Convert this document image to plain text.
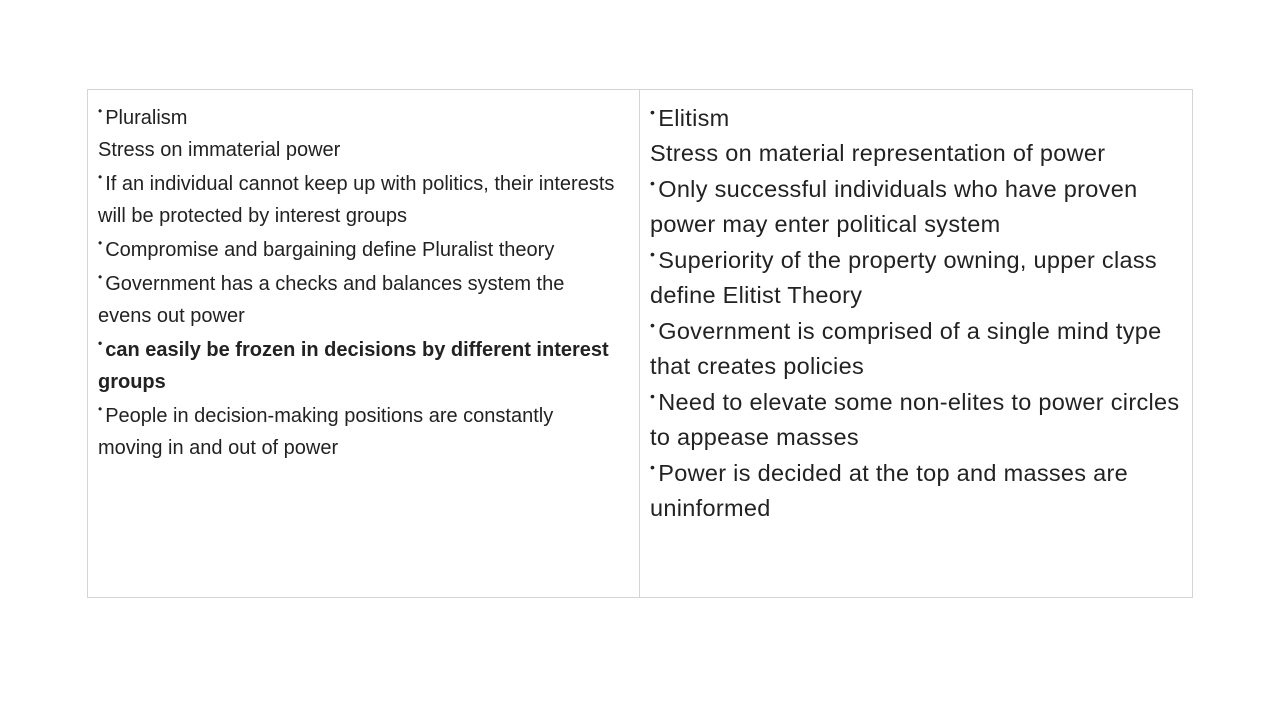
• Pluralism

Stress on immaterial power

• If an individual cannot keep up with politics, their interests will be protected by interest groups

• Compromise and bargaining define Pluralist theory

• Government has a checks and balances system the evens out power

• can easily be frozen in decisions by different interest groups

• People in decision-making positions are constantly moving in and out of power

• Elitism

Stress on material representation of power

• Only successful individuals who have proven power may enter political system

• Superiority of the property owning, upper class define Elitist Theory

• Government is comprised of a single mind type that creates policies

• Need to elevate some non-elites to power circles to appease masses

• Power is decided at the top and masses are uninformed
